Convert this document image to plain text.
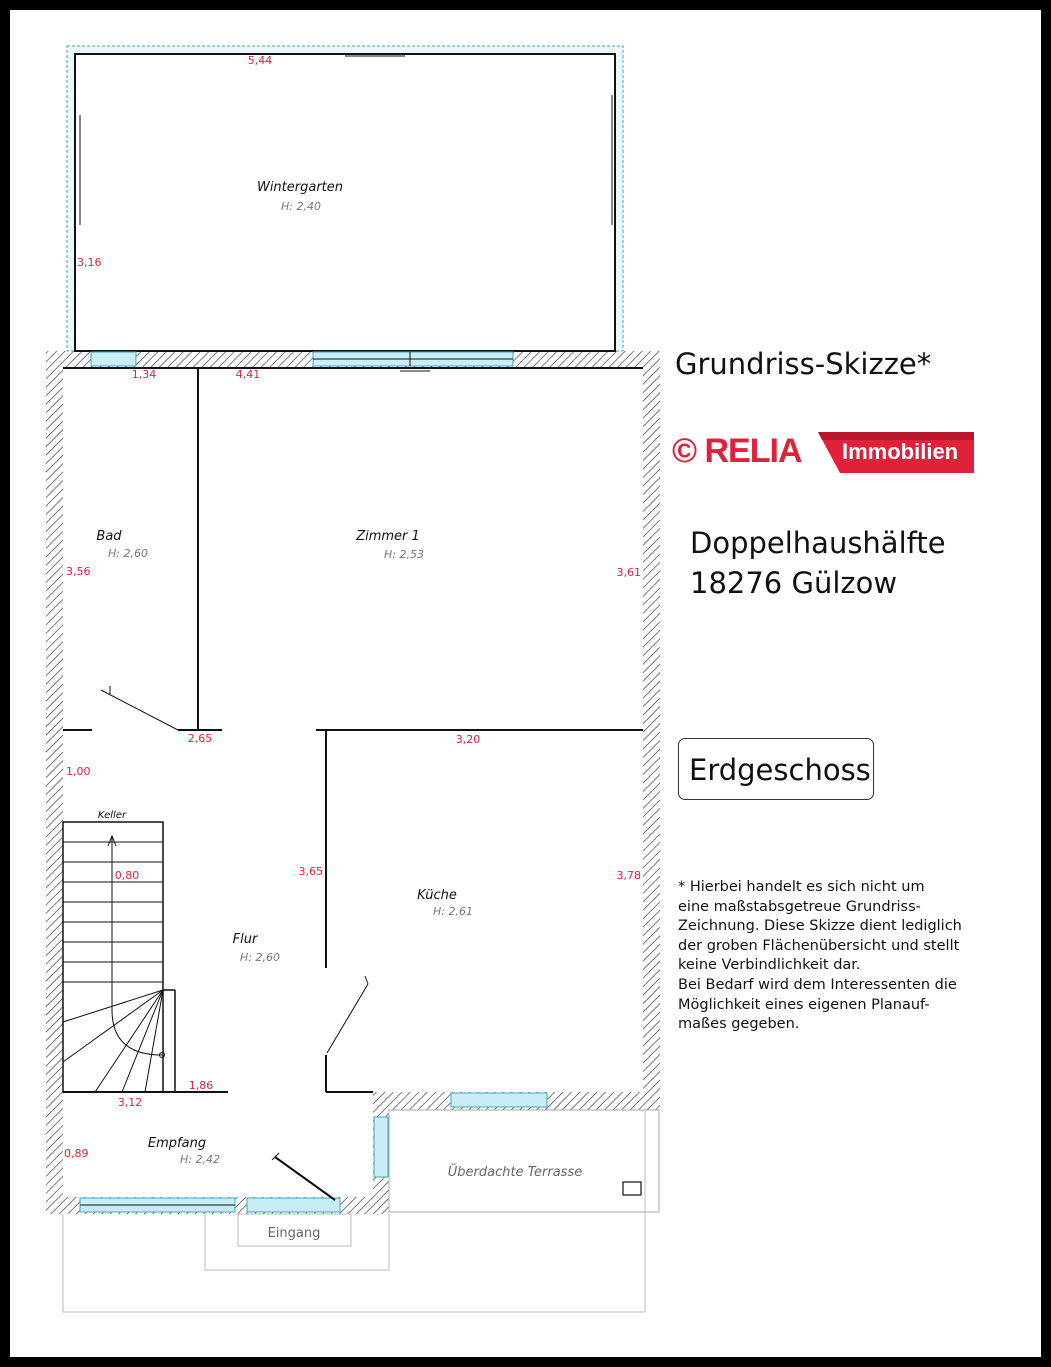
Wintergarten
H: 2,40
Bad
H: 2,60
Zimmer 1
H: 2,53
Küche
H: 2,61
Flur
H: 2,60
Empfang
H: 2,42
Keller
Überdachte Terrasse
Eingang
5,44
3,16
1,34	4,41
3,56	3,61
2,65	3,20
1,00
0,80	3,65	3,78
1,86
3,12
0,89
Grundriss-Skizze*
© RELIA Immobilien
Doppelhaushälfte
18276 Gülzow
Erdgeschoss
* Hierbei handelt es sich nicht um
eine maßstabsgetreue Grundriss-
Zeichnung. Diese Skizze dient lediglich
der groben Flächenübersicht und stellt
keine Verbindlichkeit dar.
Bei Bedarf wird dem Interessenten die
Möglichkeit eines eigenen Planauf-
maßes gegeben.
